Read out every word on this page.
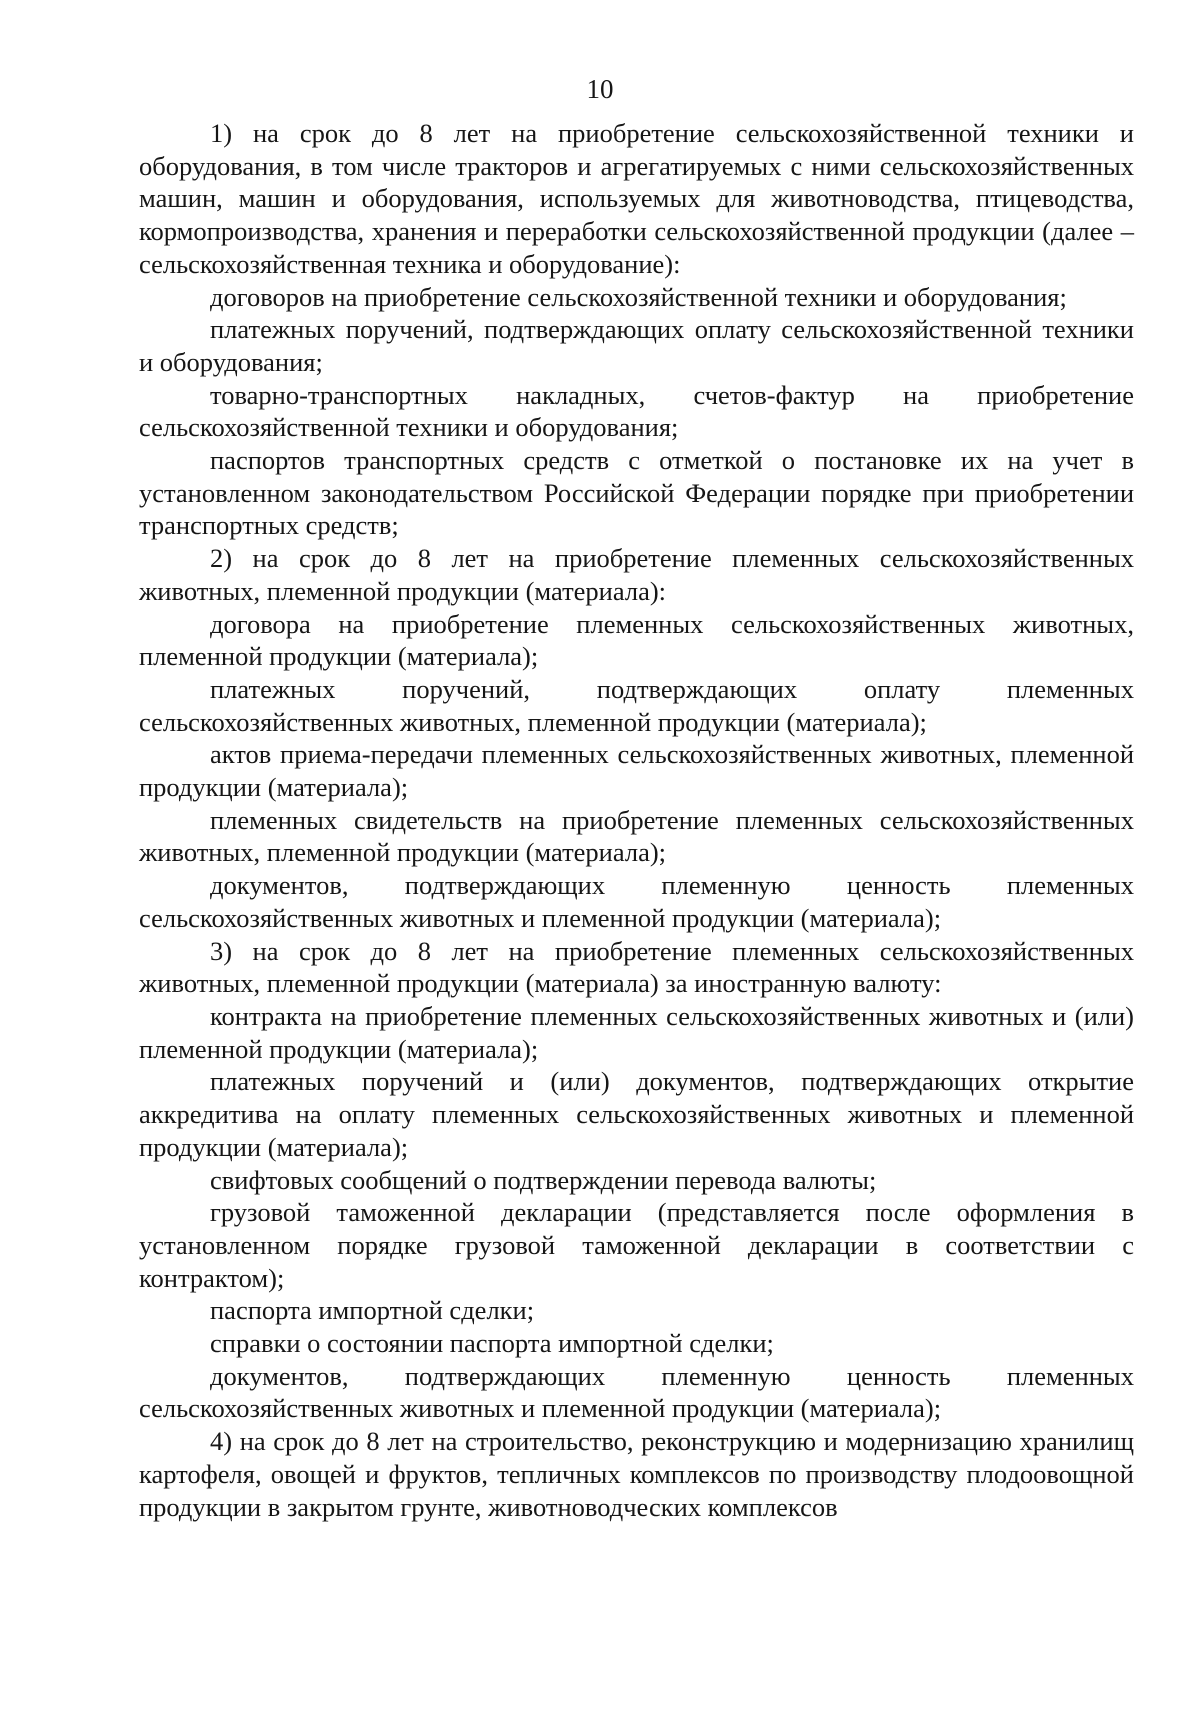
10

1) на срок до 8 лет на приобретение сельскохозяйственной техники и оборудования, в том числе тракторов и агрегатируемых с ними сельскохозяйственных машин, машин и оборудования, используемых для животноводства, птицеводства, кормопроизводства, хранения и переработки сельскохозяйственной продукции (далее – сельскохозяйственная техника и оборудование):

договоров на приобретение сельскохозяйственной техники и оборудования;

платежных поручений, подтверждающих оплату сельскохозяйственной техники и оборудования;

товарно-транспортных накладных, счетов-фактур на приобретение сельскохозяйственной техники и оборудования;

паспортов транспортных средств с отметкой о постановке их на учет в установленном законодательством Российской Федерации порядке при приобретении транспортных средств;

2) на срок до 8 лет на приобретение племенных сельскохозяйственных животных, племенной продукции (материала):

договора на приобретение племенных сельскохозяйственных животных, племенной продукции (материала);

платежных поручений, подтверждающих оплату племенных сельскохозяйственных животных, племенной продукции (материала);

актов приема-передачи племенных сельскохозяйственных животных, племенной продукции (материала);

племенных свидетельств на приобретение племенных сельскохозяйственных животных, племенной продукции (материала);

документов, подтверждающих племенную ценность племенных сельскохозяйственных животных и племенной продукции (материала);

3) на срок до 8 лет на приобретение племенных сельскохозяйственных животных, племенной продукции (материала) за иностранную валюту:

контракта на приобретение племенных сельскохозяйственных животных и (или) племенной продукции (материала);

платежных поручений и (или) документов, подтверждающих открытие аккредитива на оплату племенных сельскохозяйственных животных и племенной продукции (материала);

свифтовых сообщений о подтверждении перевода валюты;

грузовой таможенной декларации (представляется после оформления в установленном порядке грузовой таможенной декларации в соответствии с контрактом);

паспорта импортной сделки;

справки о состоянии паспорта импортной сделки;

документов, подтверждающих племенную ценность племенных сельскохозяйственных животных и племенной продукции (материала);

4) на срок до 8 лет на строительство, реконструкцию и модернизацию хранилищ картофеля, овощей и фруктов, тепличных комплексов по производству плодоовощной продукции в закрытом грунте, животноводческих комплексов
